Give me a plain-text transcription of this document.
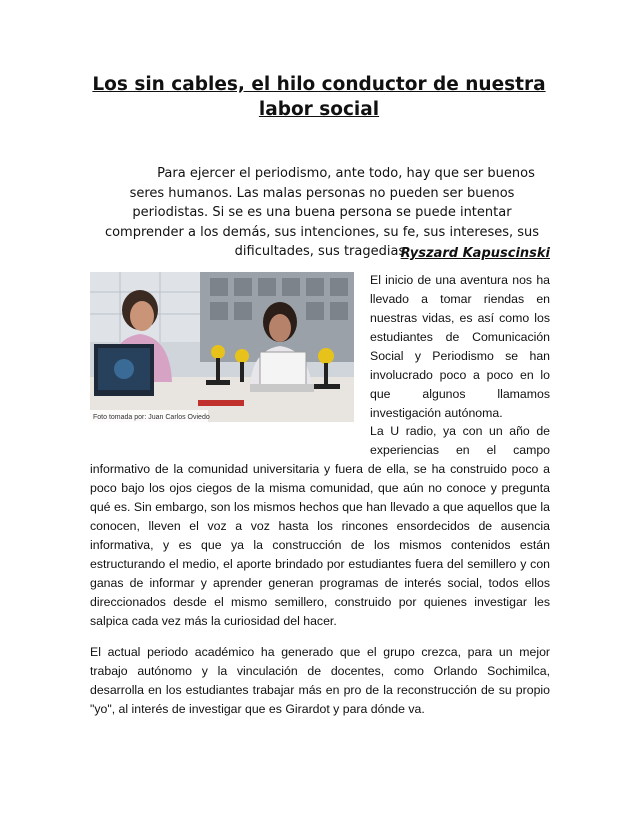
Los sin cables, el hilo conductor de nuestra labor social

Para ejercer el periodismo, ante todo, hay que ser buenos seres humanos. Las malas personas no pueden ser buenos periodistas. Si se es una buena persona se puede intentar comprender a los demás, sus intenciones, su fe, sus intereses, sus dificultades, sus tragedias.

Ryszard Kapuscinski
Foto tomada por: Juan Carlos Oviedo

El inicio de una aventura nos ha llevado a tomar riendas en nuestras vidas, es así como los estudiantes de Comunicación Social y Periodismo se han involucrado poco a poco en lo que algunos llamamos investigación autónoma.

La U radio, ya con un año de experiencias en el campo informativo de la comunidad universitaria y fuera de ella, se ha construido poco a poco bajo los ojos ciegos de la misma comunidad, que aún no conoce y pregunta qué es. Sin embargo, son los mismos hechos que han llevado a que aquellos que la conocen, lleven el voz a voz hasta los rincones ensordecidos de ausencia informativa, y es que ya la construcción de los mismos contenidos están estructurando el medio, el aporte brindado por estudiantes fuera del semillero y con ganas de informar y aprender generan programas de interés social, todos ellos direccionados desde el mismo semillero, construido por quienes investigar les salpica cada vez más la curiosidad del hacer.

El actual periodo académico ha generado que el grupo crezca, para un mejor trabajo autónomo y la vinculación de docentes, como Orlando Sochimilca, desarrolla en los estudiantes trabajar más en pro de la reconstrucción de su propio "yo", al interés de investigar que es Girardot y para dónde va.
